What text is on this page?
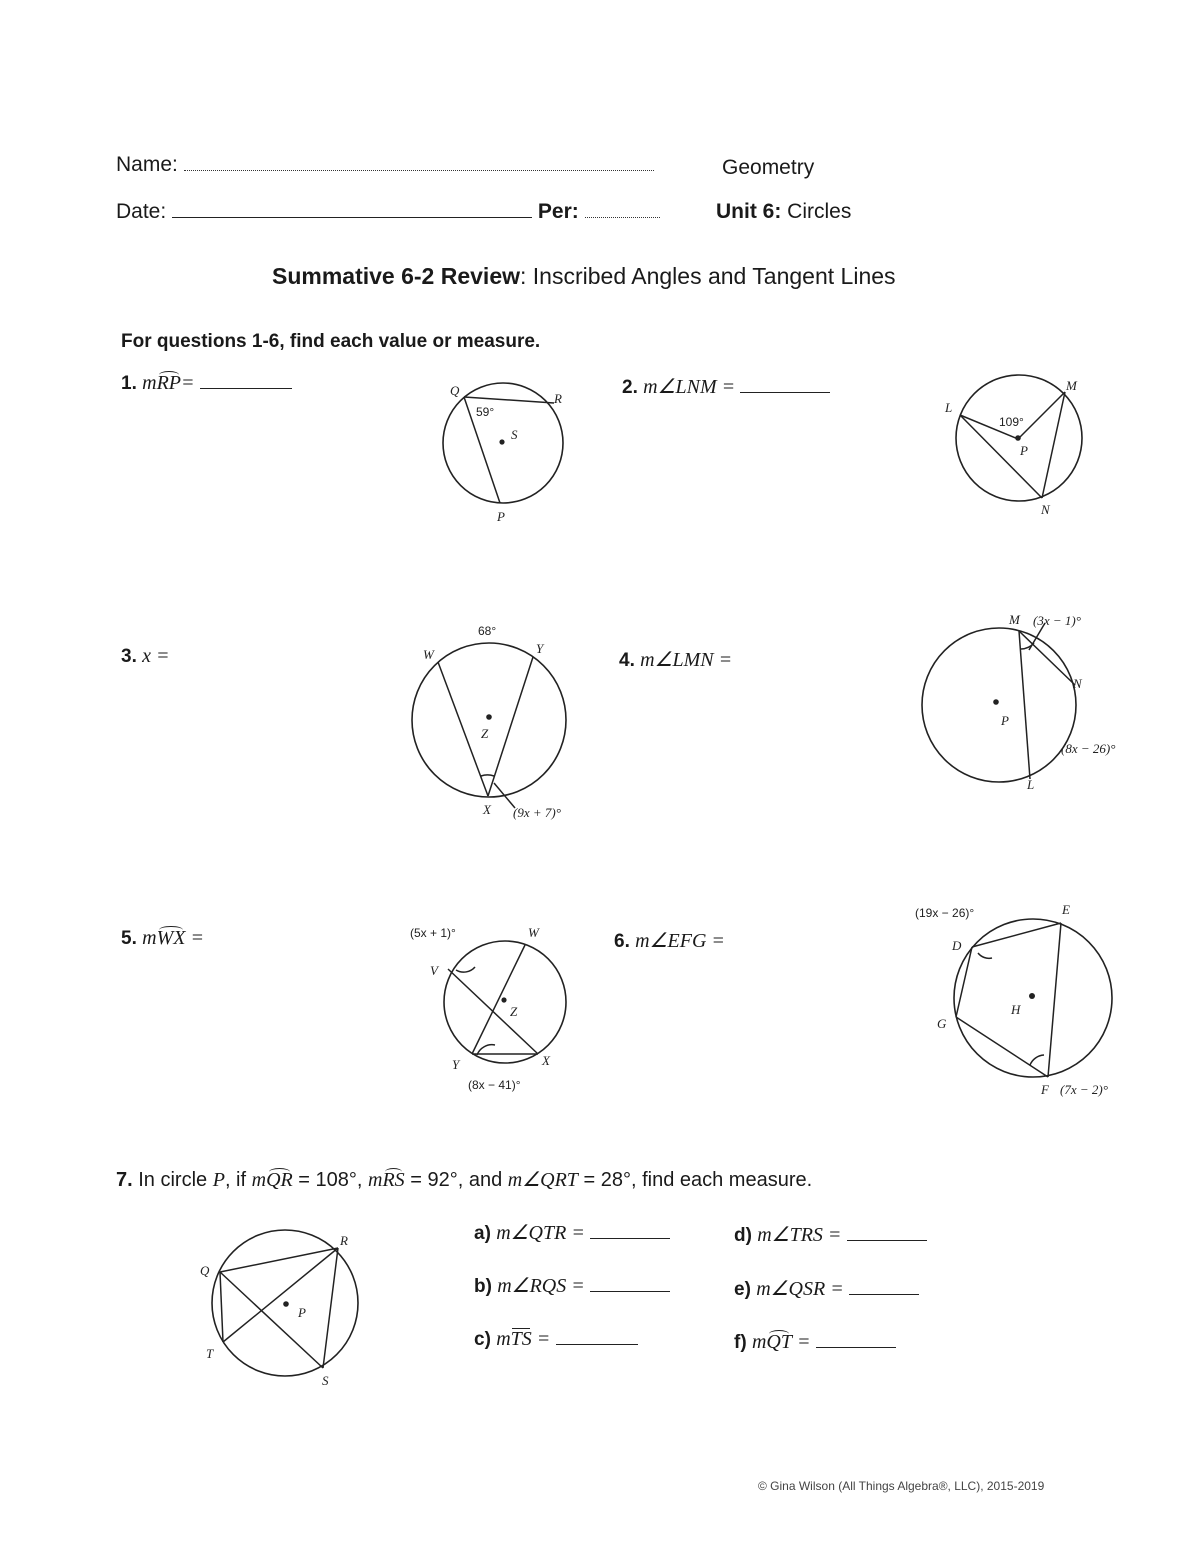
Name:	Geometry
Date:	Per:	Unit 6: Circles
Summative 6-2 Review: Inscribed Angles and Tangent Lines
For questions 1-6, find each value or measure.
1. mRP=	2. m∠LNM =
3. x =	4. m∠LMN =
5. mWX =	6. m∠EFG =
Q
R
S
P
59°	L
M
P
N
109°
68°
W	Y
Z
X (9x + 7)°
M
N
P
L
(3x − 1)°
(8x − 26)°
(5x + 1)°	W
V
Z
Y	X
(8x − 41)°
(19x − 26)°	E
D
H
G
F (7x − 2)°
7. In circle P, if mQR = 108°, mRS = 92°, and m∠QRT = 28°, find each measure.
R
Q
P
T
S
a) m∠QTR =
b) m∠RQS =
c) mTS =
d) m∠TRS =
e) m∠QSR =
f) mQT =
© Gina Wilson (All Things Algebra®, LLC), 2015-2019
